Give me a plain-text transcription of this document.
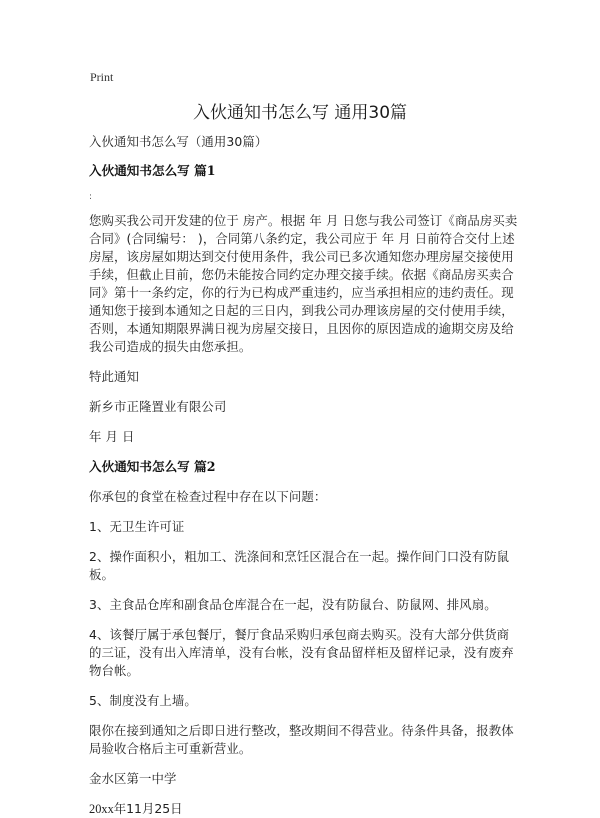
Print
入伙通知书怎么写 通用30篇

入伙通知书怎么写（通用30篇）

入伙通知书怎么写 篇1

:

您购买我公司开发建的位于 房产。根据 年 月 日您与我公司签订《商品房买卖合同》(合同编号： )，合同第八条约定，我公司应于 年 月 日前符合交付上述房屋，该房屋如期达到交付使用条件，我公司已多次通知您办理房屋交接使用手续，但截止目前，您仍未能按合同约定办理交接手续。依据《商品房买卖合同》第十一条约定，你的行为已构成严重违约，应当承担相应的违约责任。现通知您于接到本通知之日起的三日内，到我公司办理该房屋的交付使用手续，否则，本通知期限界满日视为房屋交接日，且因你的原因造成的逾期交房及给我公司造成的损失由您承担。

特此通知

新乡市正隆置业有限公司

年 月 日

入伙通知书怎么写 篇2

你承包的食堂在检查过程中存在以下问题：

1、无卫生许可证

2、操作面积小，粗加工、洗涤间和烹饪区混合在一起。操作间门口没有防鼠板。

3、主食品仓库和副食品仓库混合在一起，没有防鼠台、防鼠网、排风扇。

4、该餐厅属于承包餐厅，餐厅食品采购归承包商去购买。没有大部分供货商的三证，没有出入库清单，没有台帐，没有食品留样柜及留样记录，没有废弃物台帐。

5、制度没有上墙。

限你在接到通知之后即日进行整改，整改期间不得营业。待条件具备，报教体局验收合格后主可重新营业。

金水区第一中学

20xx年11月25日
